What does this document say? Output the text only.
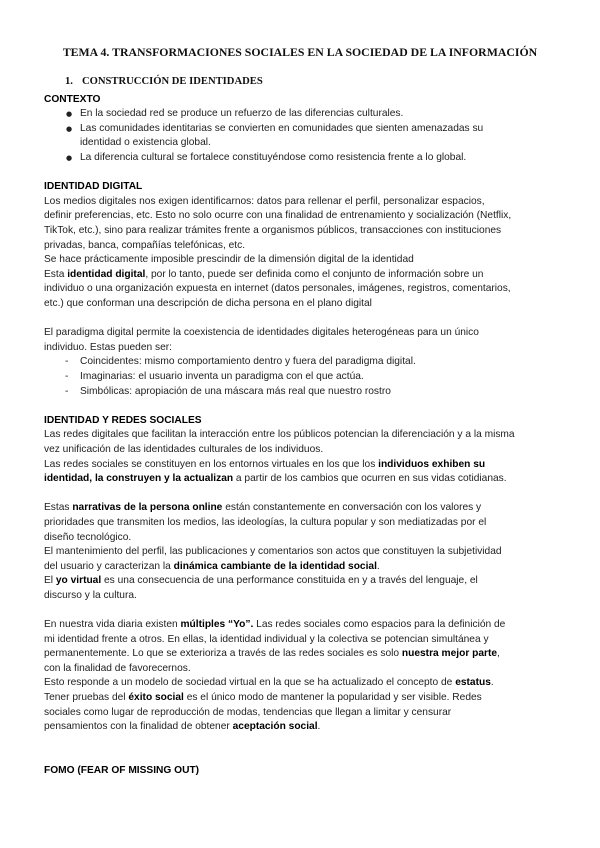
TEMA 4. TRANSFORMACIONES SOCIALES EN LA SOCIEDAD DE LA INFORMACIÓN
1. CONSTRUCCIÓN DE IDENTIDADES
CONTEXTO
● En la sociedad red se produce un refuerzo de las diferencias culturales.
● Las comunidades identitarias se convierten en comunidades que sienten amenazadas su
identidad o existencia global.
● La diferencia cultural se fortalece constituyéndose como resistencia frente a lo global.
IDENTIDAD DIGITAL
Los medios digitales nos exigen identificarnos: datos para rellenar el perfil, personalizar espacios,
definir preferencias, etc. Esto no solo ocurre con una finalidad de entrenamiento y socialización (Netflix,
TikTok, etc.), sino para realizar trámites frente a organismos públicos, transacciones con instituciones
privadas, banca, compañías telefónicas, etc.
Se hace prácticamente imposible prescindir de la dimensión digital de la identidad
Esta identidad digital, por lo tanto, puede ser definida como el conjunto de información sobre un
individuo o una organización expuesta en internet (datos personales, imágenes, registros, comentarios,
etc.) que conforman una descripción de dicha persona en el plano digital
El paradigma digital permite la coexistencia de identidades digitales heterogéneas para un único
individuo. Estas pueden ser:
- Coincidentes: mismo comportamiento dentro y fuera del paradigma digital.
- Imaginarias: el usuario inventa un paradigma con el que actúa.
- Simbólicas: apropiación de una máscara más real que nuestro rostro
IDENTIDAD Y REDES SOCIALES
Las redes digitales que facilitan la interacción entre los públicos potencian la diferenciación y a la misma
vez unificación de las identidades culturales de los individuos.
Las redes sociales se constituyen en los entornos virtuales en los que los individuos exhiben su
identidad, la construyen y la actualizan a partir de los cambios que ocurren en sus vidas cotidianas.
Estas narrativas de la persona online están constantemente en conversación con los valores y
prioridades que transmiten los medios, las ideologías, la cultura popular y son mediatizadas por el
diseño tecnológico.
El mantenimiento del perfil, las publicaciones y comentarios son actos que constituyen la subjetividad
del usuario y caracterizan la dinámica cambiante de la identidad social.
El yo virtual es una consecuencia de una performance constituida en y a través del lenguaje, el
discurso y la cultura.
En nuestra vida diaria existen múltiples “Yo”. Las redes sociales como espacios para la definición de
mi identidad frente a otros. En ellas, la identidad individual y la colectiva se potencian simultánea y
permanentemente. Lo que se exterioriza a través de las redes sociales es solo nuestra mejor parte,
con la finalidad de favorecernos.
Esto responde a un modelo de sociedad virtual en la que se ha actualizado el concepto de estatus.
Tener pruebas del éxito social es el único modo de mantener la popularidad y ser visible. Redes
sociales como lugar de reproducción de modas, tendencias que llegan a limitar y censurar
pensamientos con la finalidad de obtener aceptación social.
FOMO (FEAR OF MISSING OUT)
